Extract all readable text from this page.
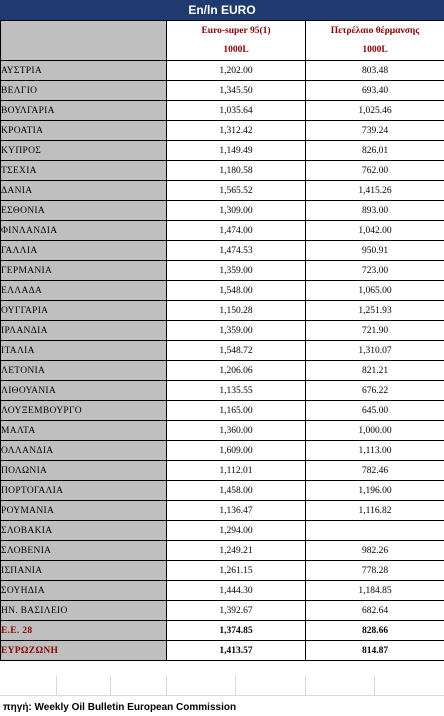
En/ln EURO
	Euro-super 95(1)	Πετρέλαιο θέρμανσης
	1000L	1000L
ΑΥΣΤΡΙΑ	1,202.00	803.48
ΒΕΛΓΙΟ	1,345.50	693.40
ΒΟΥΛΓΑΡΙΑ	1,035.64	1,025.46
ΚΡΟΑΤΙΑ	1,312.42	739.24
ΚΥΠΡΟΣ	1,149.49	826.01
ΤΣΕΧΙΑ	1,180.58	762.00
ΔΑΝΙΑ	1,565.52	1,415.26
ΕΣΘΟΝΙΑ	1,309.00	893.00
ΦΙΝΛΑΝΔΙΑ	1,474.00	1,042.00
ΓΑΛΛΙΑ	1,474.53	950.91
ΓΕΡΜΑΝΙΑ	1,359.00	723.00
ΕΛΛΑΔΑ	1,548.00	1,065.00
ΟΥΓΓΑΡΙΑ	1,150.28	1,251.93
ΙΡΛΑΝΔΙΑ	1,359.00	721.90
ΙΤΑΛΙΑ	1,548.72	1,310.07
ΛΕΤΟΝΙΑ	1,206.06	821.21
ΛΙΘΟΥΑΝΙΑ	1,135.55	676.22
ΛΟΥΞΕΜΒΟΥΡΓΟ	1,165.00	645.00
ΜΑΛΤΑ	1,360.00	1,000.00
ΟΛΛΑΝΔΙΑ	1,609.00	1,113.00
ΠΟΛΩΝΙΑ	1,112.01	782.46
ΠΟΡΤΟΓΑΛΙΑ	1,458.00	1,196.00
ΡΟΥΜΑΝΙΑ	1,136.47	1,116.82
ΣΛΟΒΑΚΙΑ	1,294.00	
ΣΛΟΒΕΝΙΑ	1,249.21	982.26
ΙΣΠΑΝΙΑ	1,261.15	778.28
ΣΟΥΗΔΙΑ	1,444.30	1,184.85
ΗΝ. ΒΑΣΙΛΕΙΟ	1,392.67	682.64
Ε.Ε. 28	1,374.85	828.66
ΕΥΡΩΖΩΝΗ	1,413.57	814.87
πηγή: Weekly Oil Bulletin European Commission
